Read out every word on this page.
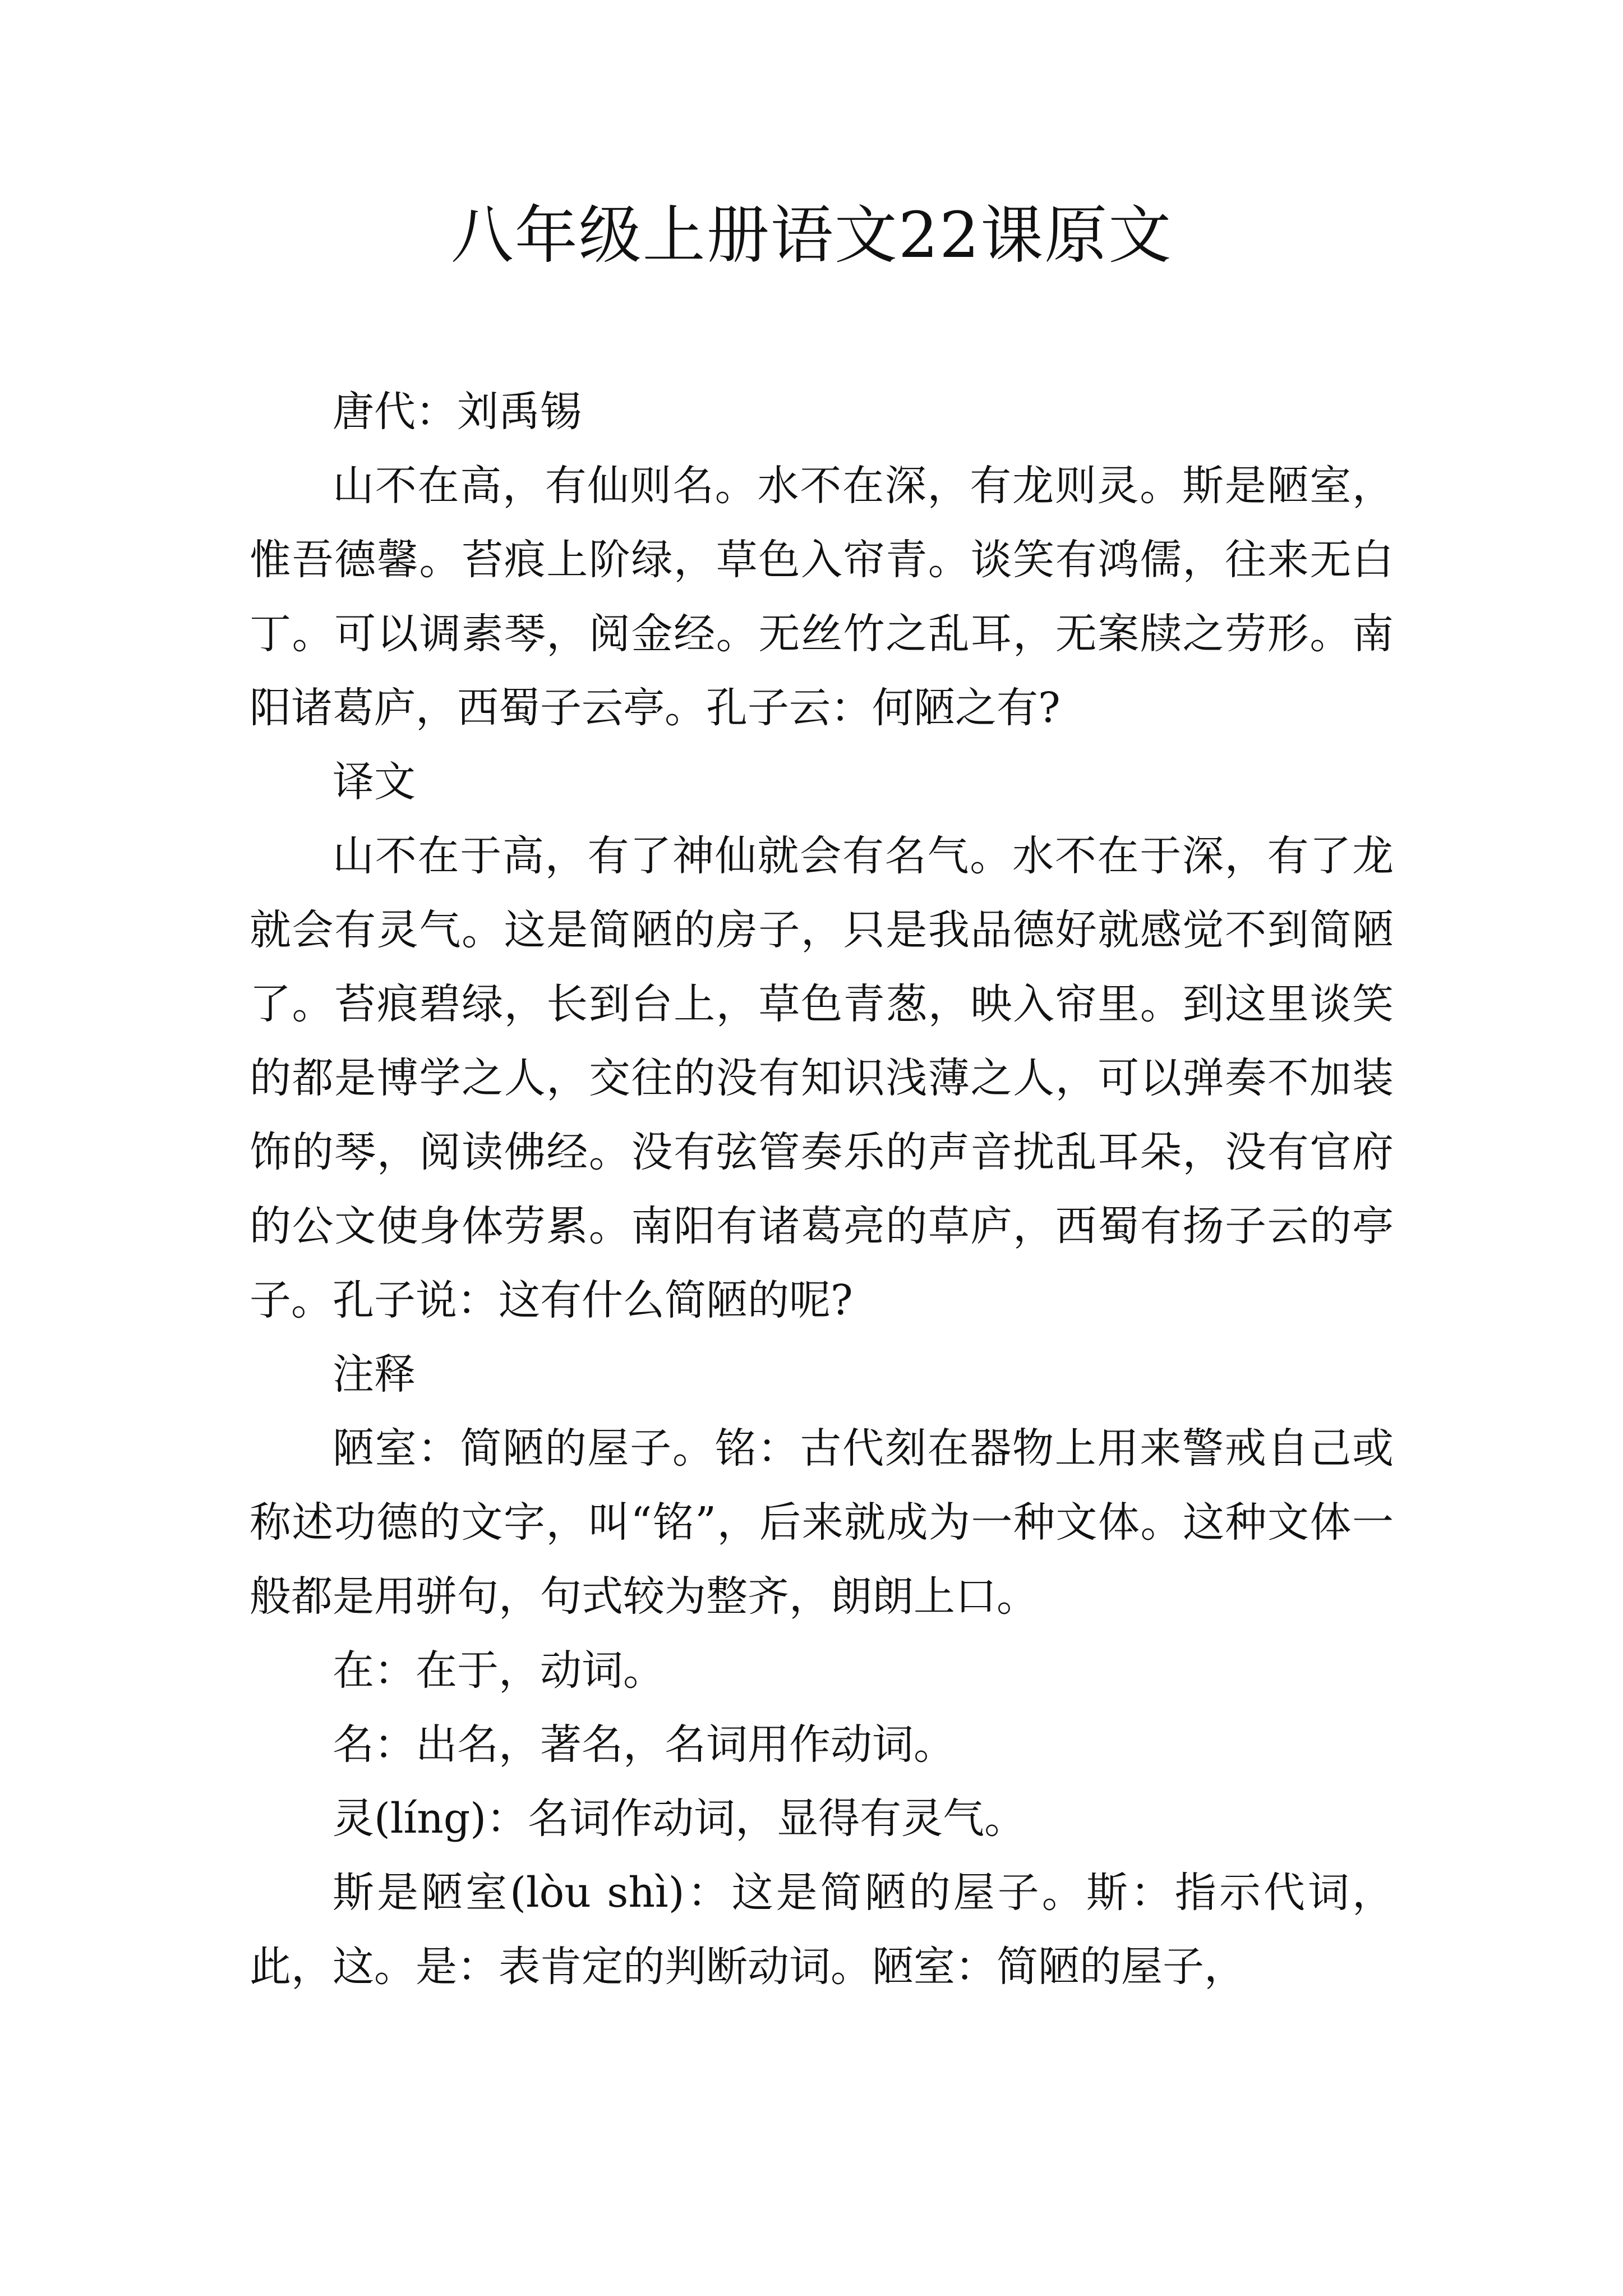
八年级上册语文22课原文

唐代：刘禹锡

山不在高，有仙则名。水不在深，有龙则灵。斯是陋室，惟吾德馨。苔痕上阶绿，草色入帘青。谈笑有鸿儒，往来无白丁。可以调素琴，阅金经。无丝竹之乱耳，无案牍之劳形。南阳诸葛庐，西蜀子云亭。孔子云：何陋之有?

译文

山不在于高，有了神仙就会有名气。水不在于深，有了龙就会有灵气。这是简陋的房子，只是我品德好就感觉不到简陋了。苔痕碧绿，长到台上，草色青葱，映入帘里。到这里谈笑的都是博学之人，交往的没有知识浅薄之人，可以弹奏不加装饰的琴，阅读佛经。没有弦管奏乐的声音扰乱耳朵，没有官府的公文使身体劳累。南阳有诸葛亮的草庐，西蜀有扬子云的亭子。孔子说：这有什么简陋的呢?

注释

陋室：简陋的屋子。铭：古代刻在器物上用来警戒自己或称述功德的文字，叫“铭”，后来就成为一种文体。这种文体一般都是用骈句，句式较为整齐，朗朗上口。

在：在于，动词。

名：出名，著名，名词用作动词。

灵(líng)：名词作动词，显得有灵气。

斯是陋室(lòu shì)：这是简陋的屋子。斯：指示代词，此，这。是：表肯定的判断动词。陋室：简陋的屋子，
